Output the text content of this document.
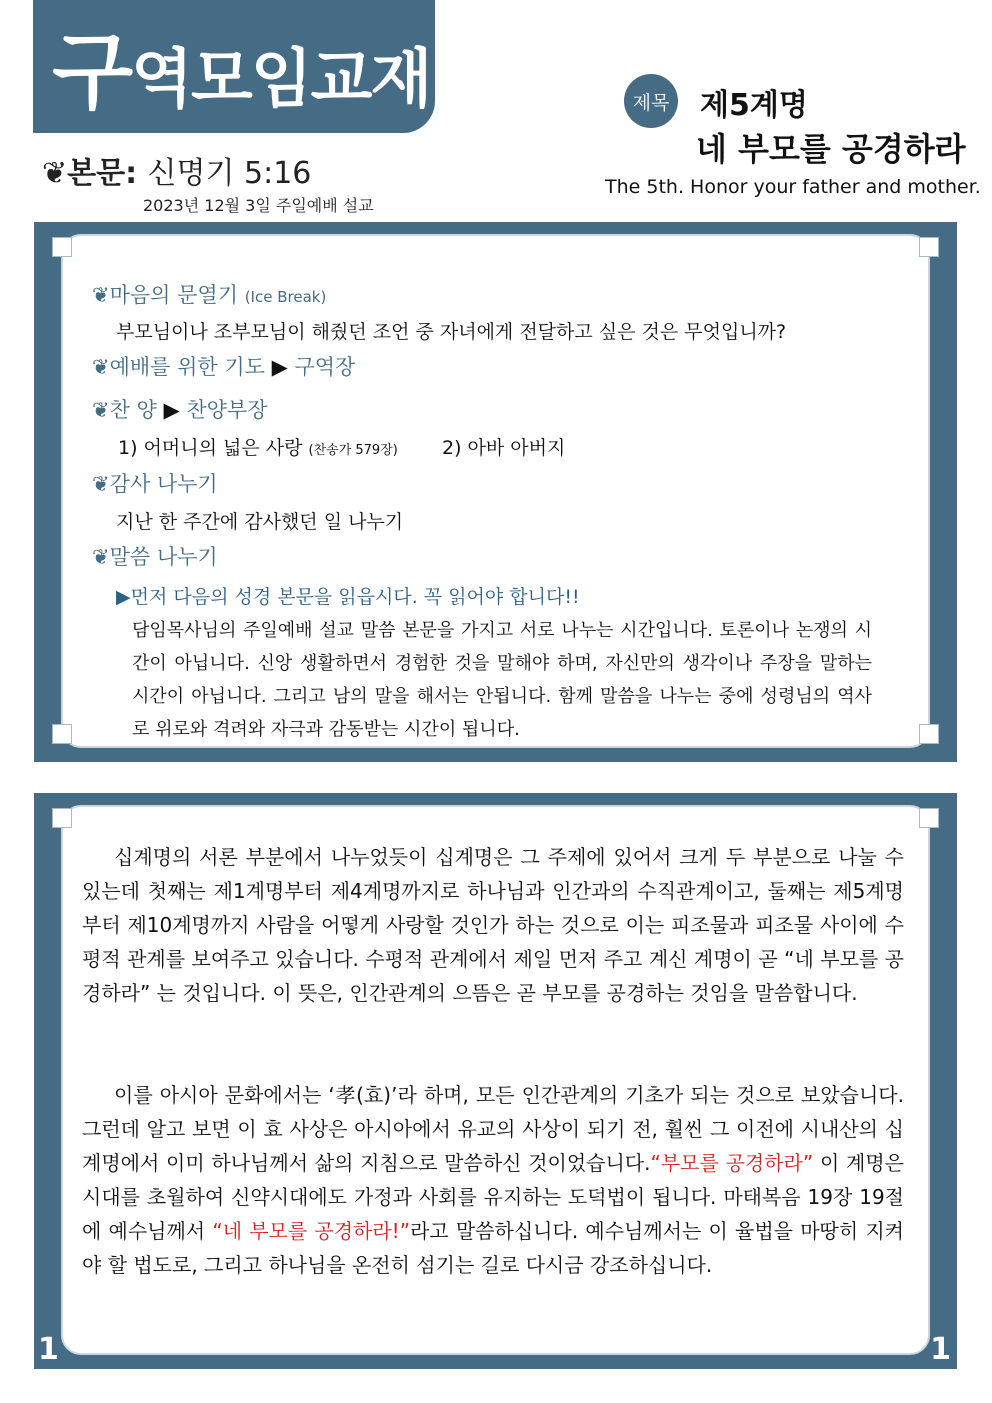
구역모임교재
❦본문: 신명기 5:16
2023년 12월 3일 주일예배 설교
제목 제5계명
네 부모를 공경하라
The 5th. Honor your father and mother.
❦마음의 문열기 (Ice Break)
부모님이나 조부모님이 해줬던 조언 중 자녀에게 전달하고 싶은 것은 무엇입니까?
❦예배를 위한 기도 ▶ 구역장
❦찬 양 ▶ 찬양부장
1) 어머니의 넓은 사랑 (찬송가 579장) 2) 아바 아버지
❦감사 나누기
지난 한 주간에 감사했던 일 나누기
❦말씀 나누기
▶먼저 다음의 성경 본문을 읽읍시다. 꼭 읽어야 합니다!!
담임목사님의 주일예배 설교 말씀 본문을 가지고 서로 나누는 시간입니다. 토론이나 논쟁의 시간이 아닙니다. 신앙 생활하면서 경험한 것을 말해야 하며, 자신만의 생각이나 주장을 말하는 시간이 아닙니다. 그리고 남의 말을 해서는 안됩니다. 함께 말씀을 나누는 중에 성령님의 역사로 위로와 격려와 자극과 감동받는 시간이 됩니다.
1	1
십계명의 서론 부분에서 나누었듯이 십계명은 그 주제에 있어서 크게 두 부분으로 나눌 수 있는데 첫째는 제1계명부터 제4계명까지로 하나님과 인간과의 수직관계이고, 둘째는 제5계명부터 제10계명까지 사람을 어떻게 사랑할 것인가 하는 것으로 이는 피조물과 피조물 사이에 수평적 관계를 보여주고 있습니다. 수평적 관계에서 제일 먼저 주고 계신 계명이 곧 “네 부모를 공경하라” 는 것입니다. 이 뜻은, 인간관계의 으뜸은 곧 부모를 공경하는 것임을 말씀합니다.
이를 아시아 문화에서는 ‘孝(효)’라 하며, 모든 인간관계의 기초가 되는 것으로 보았습니다. 그런데 알고 보면 이 효 사상은 아시아에서 유교의 사상이 되기 전, 훨씬 그 이전에 시내산의 십계명에서 이미 하나님께서 삶의 지침으로 말씀하신 것이었습니다.“부모를 공경하라” 이 계명은 시대를 초월하여 신약시대에도 가정과 사회를 유지하는 도덕법이 됩니다. 마태복음 19장 19절에 예수님께서 “네 부모를 공경하라!”라고 말씀하십니다. 예수님께서는 이 율법을 마땅히 지켜야 할 법도로, 그리고 하나님을 온전히 섬기는 길로 다시금 강조하십니다.
